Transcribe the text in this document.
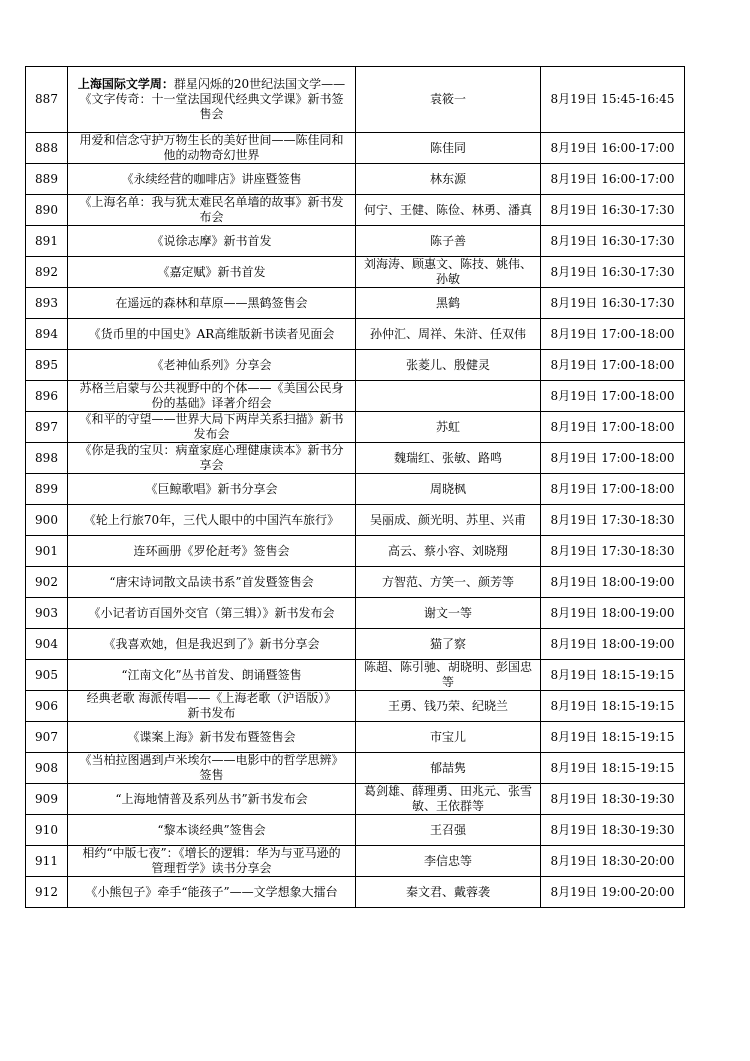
887	上海国际文学周：群星闪烁的20世纪法国文学——
《文字传奇：十一堂法国现代经典文学课》新书签
售会	袁筱一	8月19日 15:45-16:45
888	用爱和信念守护万物生长的美好世间——陈佳同和
他的动物奇幻世界	陈佳同	8月19日 16:00-17:00
889	《永续经营的咖啡店》讲座暨签售	林东源	8月19日 16:00-17:00
890	《上海名单：我与犹太难民名单墙的故事》新书发
布会	何宁、王健、陈俭、林勇、潘真	8月19日 16:30-17:30
891	《说徐志摩》新书首发	陈子善	8月19日 16:30-17:30
892	《嘉定赋》新书首发	刘海涛、顾惠文、陈技、姚伟、
孙敏	8月19日 16:30-17:30
893	在遥远的森林和草原——黑鹤签售会	黑鹤	8月19日 16:30-17:30
894	《货币里的中国史》AR高维版新书读者见面会	孙仲汇、周祥、朱浒、任双伟	8月19日 17:00-18:00
895	《老神仙系列》分享会	张菱儿、殷健灵	8月19日 17:00-18:00
896	苏格兰启蒙与公共视野中的个体——《美国公民身
份的基础》译著介绍会		8月19日 17:00-18:00
897	《和平的守望——世界大局下两岸关系扫描》新书
发布会	苏虹	8月19日 17:00-18:00
898	《你是我的宝贝：病童家庭心理健康读本》新书分
享会	魏瑞红、张敏、路鸣	8月19日 17:00-18:00
899	《巨鲸歌唱》新书分享会	周晓枫	8月19日 17:00-18:00
900	《轮上行旅70年，三代人眼中的中国汽车旅行》	吴丽成、颜光明、苏里、兴甫	8月19日 17:30-18:30
901	连环画册《罗伦赶考》签售会	高云、蔡小容、刘晓翔	8月19日 17:30-18:30
902	“唐宋诗词散文品读书系”首发暨签售会	方智范、方笑一、颜芳等	8月19日 18:00-19:00
903	《小记者访百国外交官（第三辑）》新书发布会	谢文一等	8月19日 18:00-19:00
904	《我喜欢她，但是我迟到了》新书分享会	猫了察	8月19日 18:00-19:00
905	“江南文化”丛书首发、朗诵暨签售	陈超、陈引驰、胡晓明、彭国忠
等	8月19日 18:15-19:15
906	经典老歌 海派传唱——《上海老歌（沪语版）》
新书发布	王勇、钱乃荣、纪晓兰	8月19日 18:15-19:15
907	《谍案上海》新书发布暨签售会	市宝儿	8月19日 18:15-19:15
908	《当柏拉图遇到卢米埃尔——电影中的哲学思辨》
签售	郁喆隽	8月19日 18:15-19:15
909	“上海地情普及系列丛书”新书发布会	葛剑雄、薛理勇、田兆元、张雪
敏、王依群等	8月19日 18:30-19:30
910	“黎本谈经典”签售会	王召强	8月19日 18:30-19:30
911	相约“中版七夜”：《增长的逻辑：华为与亚马逊的
管理哲学》读书分享会	李信忠等	8月19日 18:30-20:00
912	《小熊包子》牵手“能孩子”——文学想象大擂台	秦文君、戴蓉袭	8月19日 19:00-20:00
